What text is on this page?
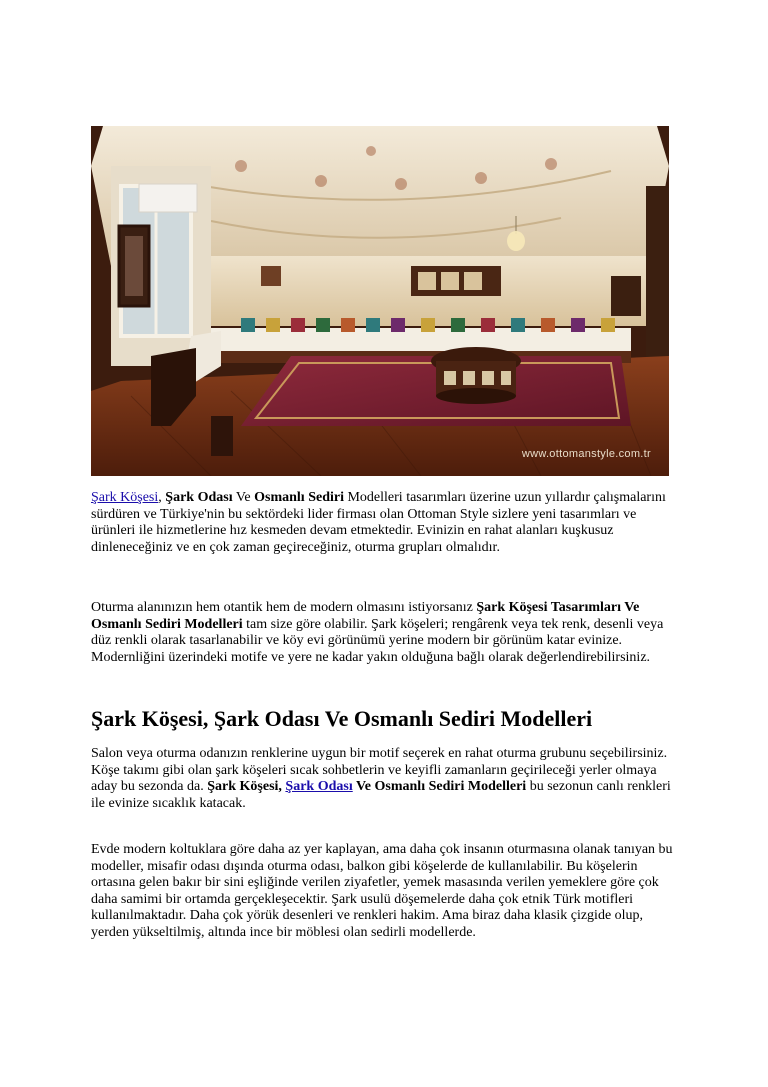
www.ottomanstyle.com.tr

Şark Köşesi, Şark Odası Ve Osmanlı Sediri Modelleri tasarımları üzerine uzun yıllardır çalışmalarını sürdüren ve Türkiye'nin bu sektördeki lider firması olan Ottoman Style sizlere yeni tasarımları ve ürünleri ile hizmetlerine hız kesmeden devam etmektedir. Evinizin en rahat alanları kuşkusuz dinleneceğiniz ve en çok zaman geçireceğiniz, oturma grupları olmalıdır.

Oturma alanınızın hem otantik hem de modern olmasını istiyorsanız Şark Köşesi Tasarımları Ve Osmanlı Sediri Modelleri tam size göre olabilir. Şark köşeleri; rengârenk veya tek renk, desenli veya düz renkli olarak tasarlanabilir ve köy evi görünümü yerine modern bir görünüm katar evinize. Modernliğini üzerindeki motife ve yere ne kadar yakın olduğuna bağlı olarak değerlendirebilirsiniz.

Şark Köşesi, Şark Odası Ve Osmanlı Sediri Modelleri

Salon veya oturma odanızın renklerine uygun bir motif seçerek en rahat oturma grubunu seçebilirsiniz. Köşe takımı gibi olan şark köşeleri sıcak sohbetlerin ve keyifli zamanların geçirileceği yerler olmaya aday bu sezonda da. Şark Köşesi, Şark Odası Ve Osmanlı Sediri Modelleri bu sezonun canlı renkleri ile evinize sıcaklık katacak.

Evde modern koltuklara göre daha az yer kaplayan, ama daha çok insanın oturmasına olanak tanıyan bu modeller, misafir odası dışında oturma odası, balkon gibi köşelerde de kullanılabilir. Bu köşelerin ortasına gelen bakır bir sini eşliğinde verilen ziyafetler, yemek masasında verilen yemeklere göre çok daha samimi bir ortamda gerçekleşecektir. Şark usulü döşemelerde daha çok etnik Türk motifleri kullanılmaktadır. Daha çok yörük desenleri ve renkleri hakim. Ama biraz daha klasik çizgide olup, yerden yükseltilmiş, altında ince bir möblesi olan sedirli modellerde.
